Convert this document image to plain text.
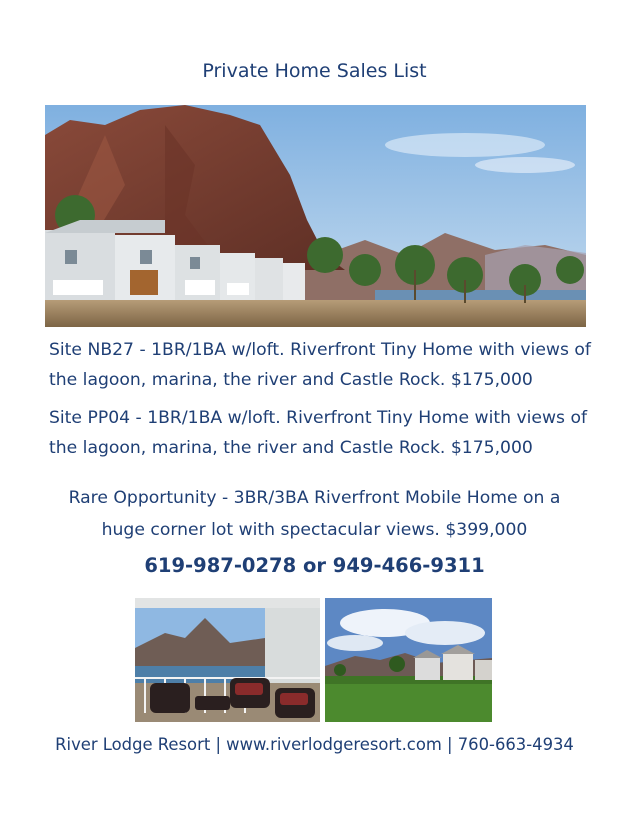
Private Home Sales List
Site NB27 - 1BR/1BA w/loft. Riverfront Tiny Home with views of
the lagoon, marina, the river and Castle Rock. $175,000
Site PP04 - 1BR/1BA w/loft. Riverfront Tiny Home with views of
the lagoon, marina, the river and Castle Rock. $175,000
Rare Opportunity - 3BR/3BA Riverfront Mobile Home on a
huge corner lot with spectacular views. $399,000
619-987-0278 or 949-466-9311
River Lodge Resort | www.riverlodgeresort.com | 760-663-4934
